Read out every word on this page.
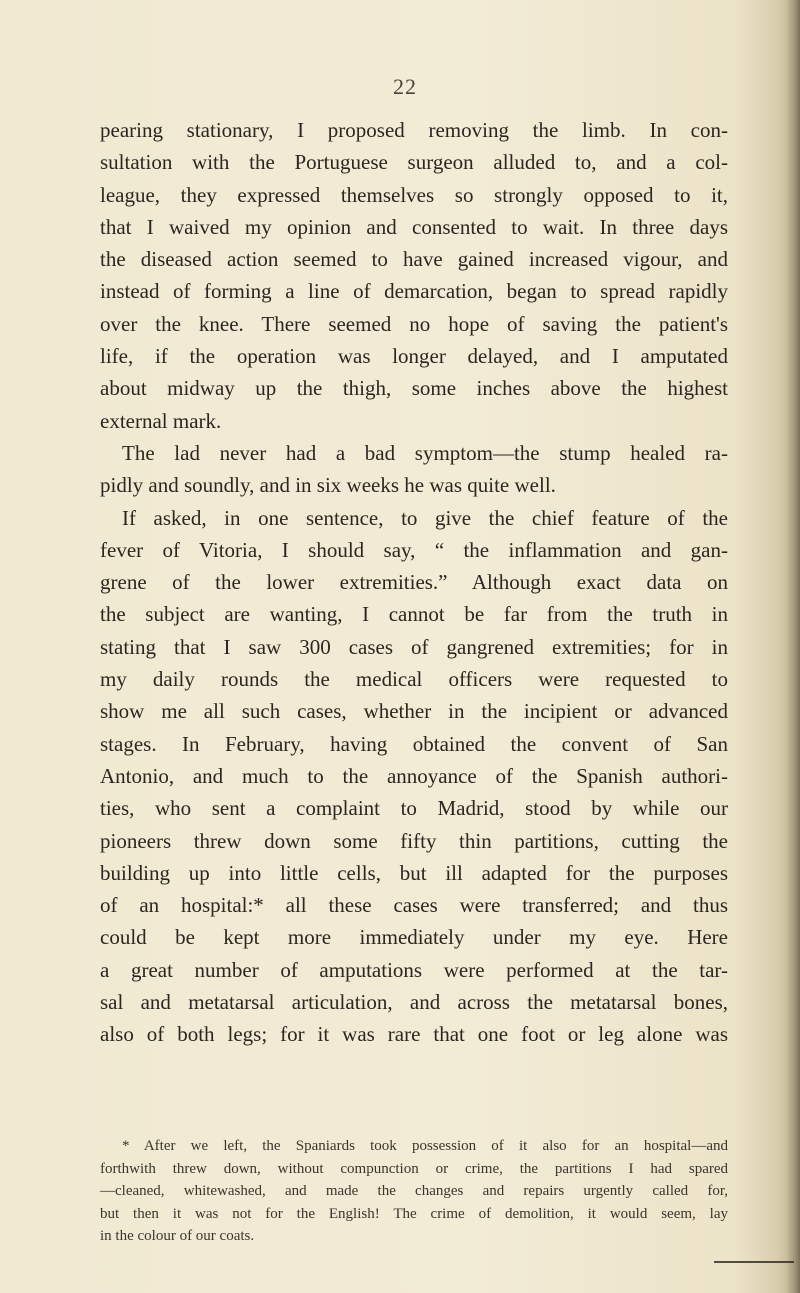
22
pearing stationary, I proposed removing the limb. In con-
sultation with the Portuguese surgeon alluded to, and a col-
league, they expressed themselves so strongly opposed to it,
that I waived my opinion and consented to wait. In three days
the diseased action seemed to have gained increased vigour, and
instead of forming a line of demarcation, began to spread rapidly
over the knee. There seemed no hope of saving the patient's
life, if the operation was longer delayed, and I amputated
about midway up the thigh, some inches above the highest
external mark.
The lad never had a bad symptom—the stump healed ra-
pidly and soundly, and in six weeks he was quite well.
If asked, in one sentence, to give the chief feature of the
fever of Vitoria, I should say, “ the inflammation and gan-
grene of the lower extremities.” Although exact data on
the subject are wanting, I cannot be far from the truth in
stating that I saw 300 cases of gangrened extremities; for in
my daily rounds the medical officers were requested to
show me all such cases, whether in the incipient or advanced
stages. In February, having obtained the convent of San
Antonio, and much to the annoyance of the Spanish authori-
ties, who sent a complaint to Madrid, stood by while our
pioneers threw down some fifty thin partitions, cutting the
building up into little cells, but ill adapted for the purposes
of an hospital:* all these cases were transferred; and thus
could be kept more immediately under my eye. Here
a great number of amputations were performed at the tar-
sal and metatarsal articulation, and across the metatarsal bones,
also of both legs; for it was rare that one foot or leg alone was
* After we left, the Spaniards took possession of it also for an hospital—and
forthwith threw down, without compunction or crime, the partitions I had spared
—cleaned, whitewashed, and made the changes and repairs urgently called for,
but then it was not for the English! The crime of demolition, it would seem, lay
in the colour of our coats.
